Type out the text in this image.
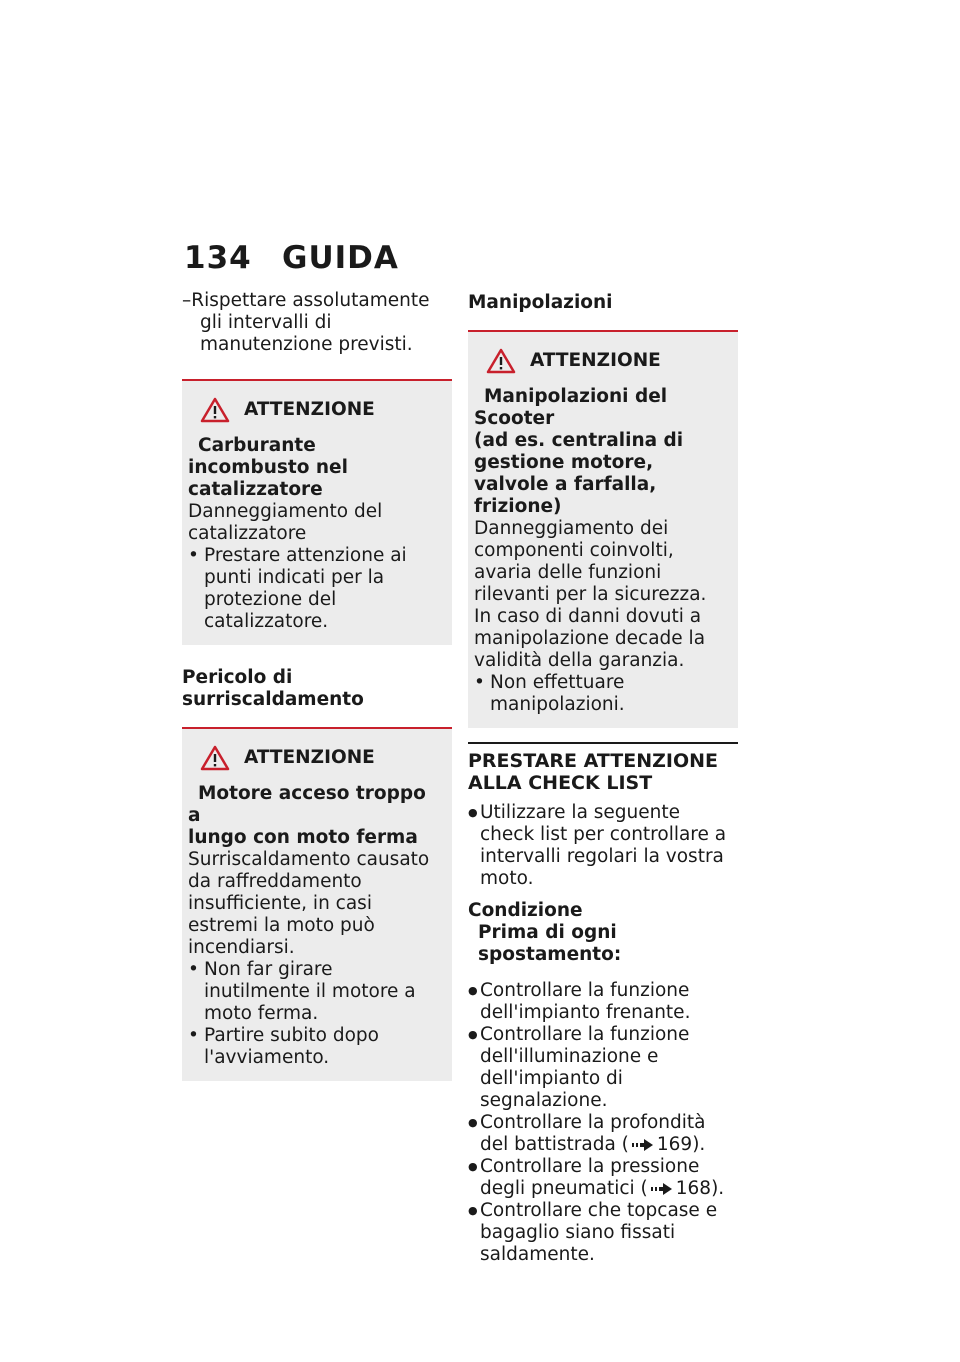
134 GUIDA

–Rispettare assolutamente gli intervalli di manutenzione previsti.

ATTENZIONE

Carburante incombusto nel
catalizzatore

Danneggiamento del catalizzatore

• Prestare attenzione ai punti indicati per la protezione del catalizzatore.

Pericolo di surriscaldamento

ATTENZIONE

Motore acceso troppo a
lungo con moto ferma

Surriscaldamento causato da raffreddamento insufficiente, in casi estremi la moto può incendiarsi.

• Non far girare inutilmente il motore a moto ferma.

• Partire subito dopo l'avviamento.

Manipolazioni

ATTENZIONE

Manipolazioni del Scooter
(ad es. centralina di gestione motore, valvole a farfalla, frizione)

Danneggiamento dei componenti coinvolti, avaria delle funzioni rilevanti per la sicurezza. In caso di danni dovuti a manipolazione decade la validità della garanzia.

• Non effettuare manipolazioni.

PRESTARE ATTENZIONE ALLA CHECK LIST

● Utilizzare la seguente check list per controllare a intervalli regolari la vostra moto.

Condizione

Prima di ogni spostamento:

● Controllare la funzione dell'impianto frenante.

● Controllare la funzione dell'illuminazione e dell'impianto di segnalazione.

● Controllare la profondità del battistrada ( 169).

● Controllare la pressione degli pneumatici ( 168).

● Controllare che topcase e bagaglio siano fissati saldamente.
